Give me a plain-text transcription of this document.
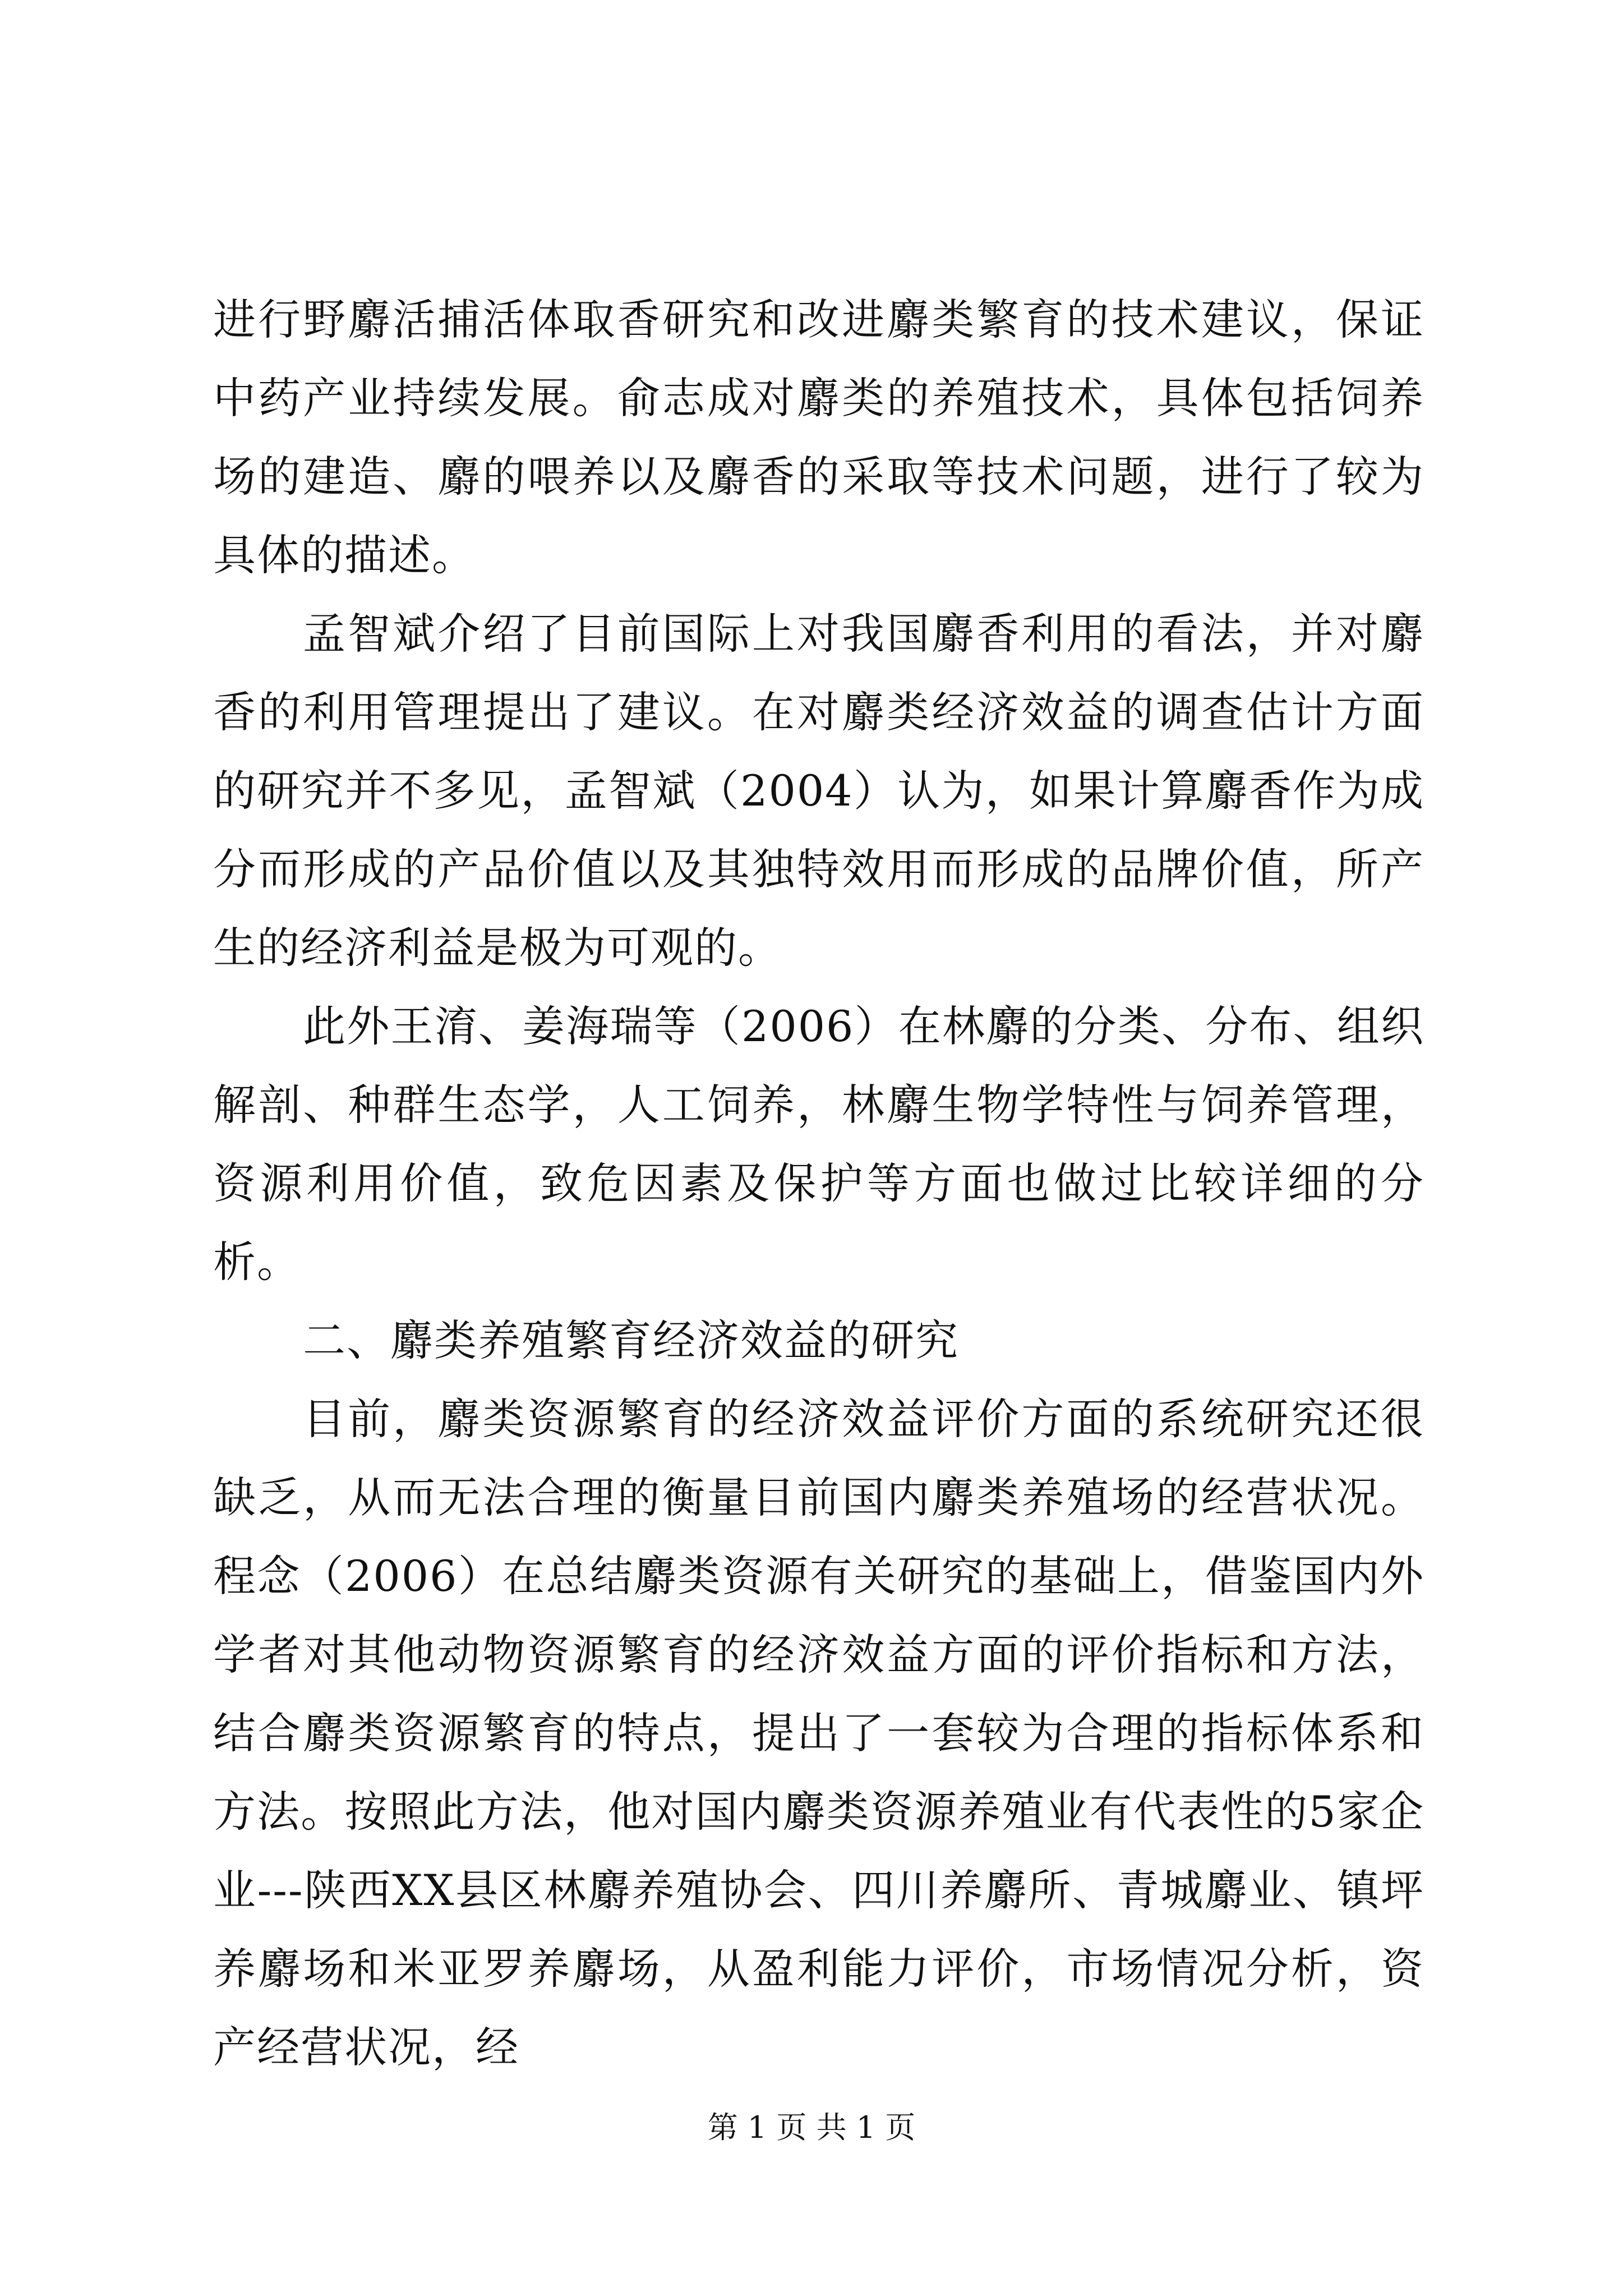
进行野麝活捕活体取香研究和改进麝类繁育的技术建议，保证中药产业持续发展。俞志成对麝类的养殖技术，具体包括饲养场的建造、麝的喂养以及麝香的采取等技术问题，进行了较为具体的描述。

孟智斌介绍了目前国际上对我国麝香利用的看法，并对麝香的利用管理提出了建议。在对麝类经济效益的调查估计方面的研究并不多见，孟智斌（2004）认为，如果计算麝香作为成分而形成的产品价值以及其独特效用而形成的品牌价值，所产生的经济利益是极为可观的。

此外王淯、姜海瑞等（2006）在林麝的分类、分布、组织解剖、种群生态学，人工饲养，林麝生物学特性与饲养管理，资源利用价值，致危因素及保护等方面也做过比较详细的分析。

二、麝类养殖繁育经济效益的研究

目前，麝类资源繁育的经济效益评价方面的系统研究还很缺乏，从而无法合理的衡量目前国内麝类养殖场的经营状况。程念（2006）在总结麝类资源有关研究的基础上，借鉴国内外学者对其他动物资源繁育的经济效益方面的评价指标和方法，结合麝类资源繁育的特点，提出了一套较为合理的指标体系和方法。按照此方法，他对国内麝类资源养殖业有代表性的5家企业---陕西XX县区林麝养殖协会、四川养麝所、青城麝业、镇坪养麝场和米亚罗养麝场，从盈利能力评价，市场情况分析，资产经营状况，经

第 1 页 共 1 页
